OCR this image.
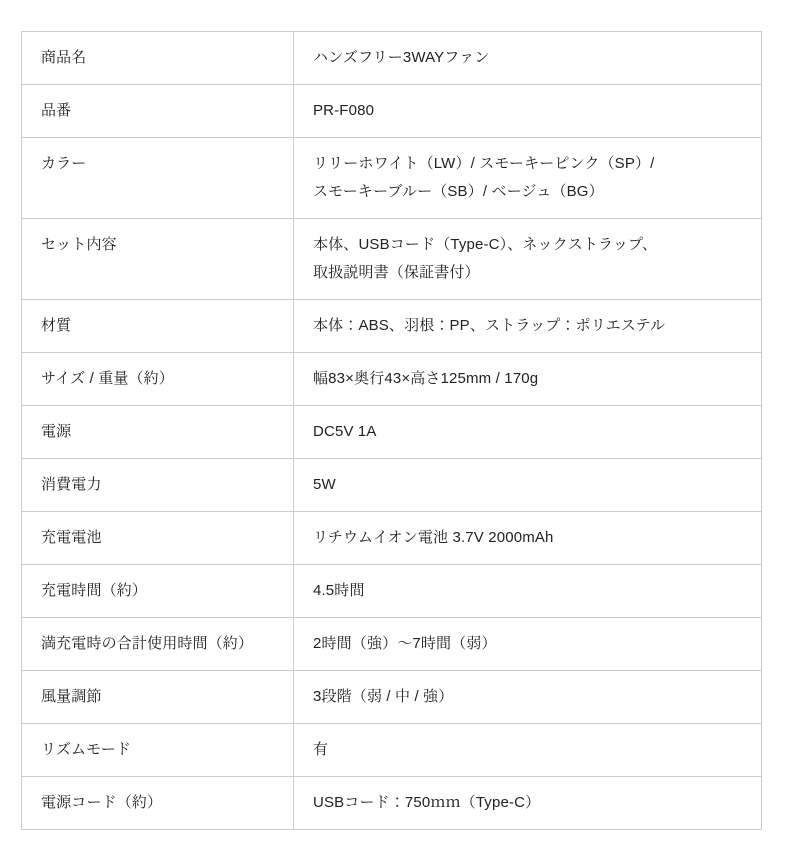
商品名	ハンズフリー3WAYファン

品番	PR-F080

カラー	リリーホワイト（LW）/ スモーキーピンク（SP）/
スモーキーブルー（SB）/ ベージュ（BG）

セット内容	本体、USBコード（Type-C）、ネックストラップ、
取扱説明書（保証書付）

材質	本体：ABS、羽根：PP、ストラップ：ポリエステル

サイズ / 重量（約）	幅83×奥行43×高さ125mm / 170g

電源	DC5V 1A

消費電力	5W

充電電池	リチウムイオン電池 3.7V 2000mAh

充電時間（約）	4.5時間

満充電時の合計使用時間（約）	2時間（強）～7時間（弱）

風量調節	3段階（弱 / 中 / 強）

リズムモード	有

電源コード（約）	USBコード：750ｍｍ（Type-C）
